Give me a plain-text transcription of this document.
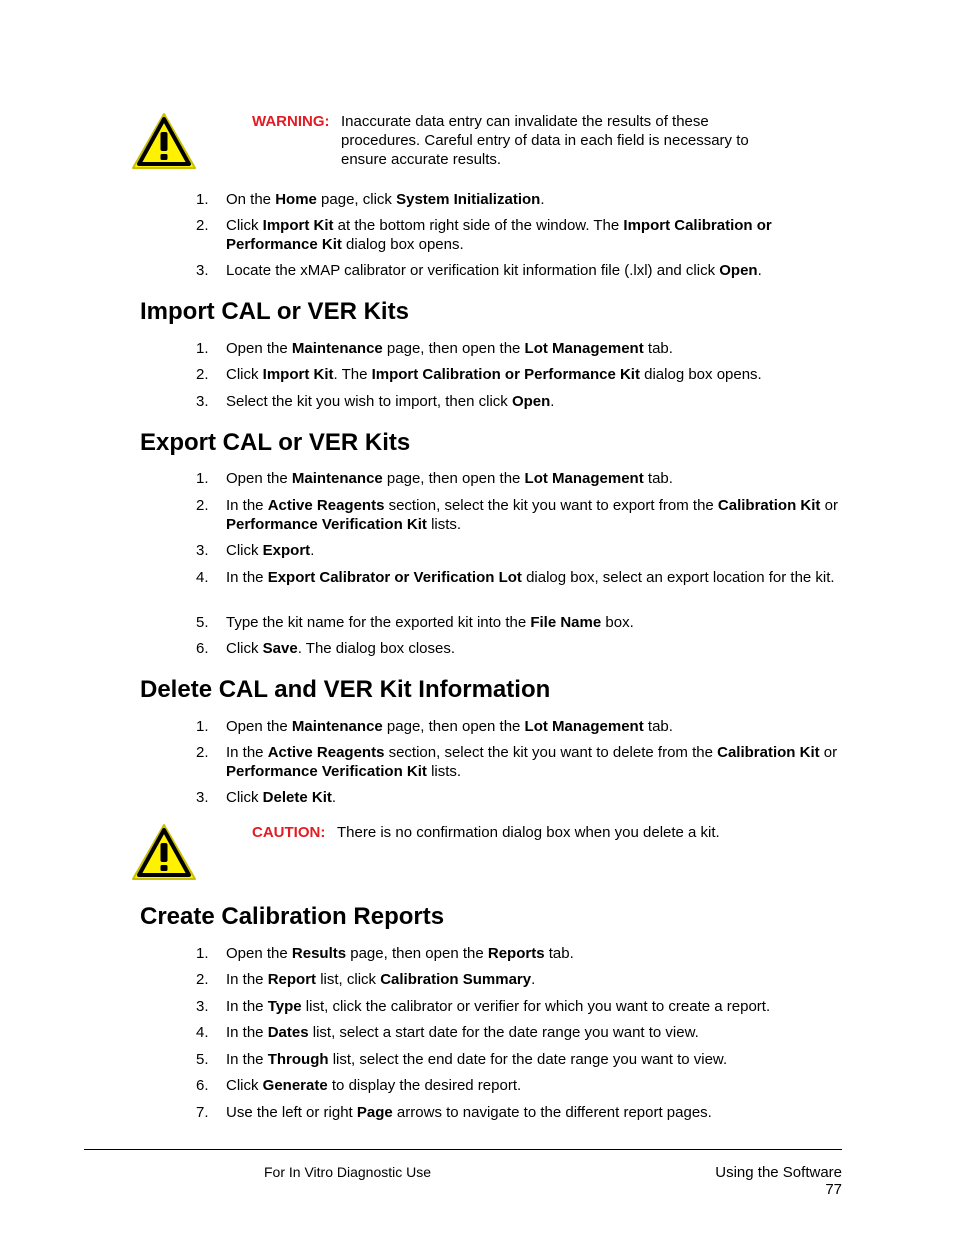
WARNING: Inaccurate data entry can invalidate the results of these
procedures. Careful entry of data in each field is necessary to
ensure accurate results.
1. On the Home page, click System Initialization.
2. Click Import Kit at the bottom right side of the window. The Import Calibration or Performance Kit dialog box opens.
3. Locate the xMAP calibrator or verification kit information file (.lxl) and click Open.
Import CAL or VER Kits
1. Open the Maintenance page, then open the Lot Management tab.
2. Click Import Kit. The Import Calibration or Performance Kit dialog box opens.
3. Select the kit you wish to import, then click Open.
Export CAL or VER Kits
1. Open the Maintenance page, then open the Lot Management tab.
2. In the Active Reagents section, select the kit you want to export from the Calibration Kit or Performance Verification Kit lists.
3. Click Export.
4. In the Export Calibrator or Verification Lot dialog box, select an export location for the kit.
5. Type the kit name for the exported kit into the File Name box.
6. Click Save. The dialog box closes.
Delete CAL and VER Kit Information
1. Open the Maintenance page, then open the Lot Management tab.
2. In the Active Reagents section, select the kit you want to delete from the Calibration Kit or Performance Verification Kit lists.
3. Click Delete Kit.
CAUTION: There is no confirmation dialog box when you delete a kit.
Create Calibration Reports
1. Open the Results page, then open the Reports tab.
2. In the Report list, click Calibration Summary.
3. In the Type list, click the calibrator or verifier for which you want to create a report.
4. In the Dates list, select a start date for the date range you want to view.
5. In the Through list, select the end date for the date range you want to view.
6. Click Generate to display the desired report.
7. Use the left or right Page arrows to navigate to the different report pages.
For In Vitro Diagnostic Use	Using the Software
77
